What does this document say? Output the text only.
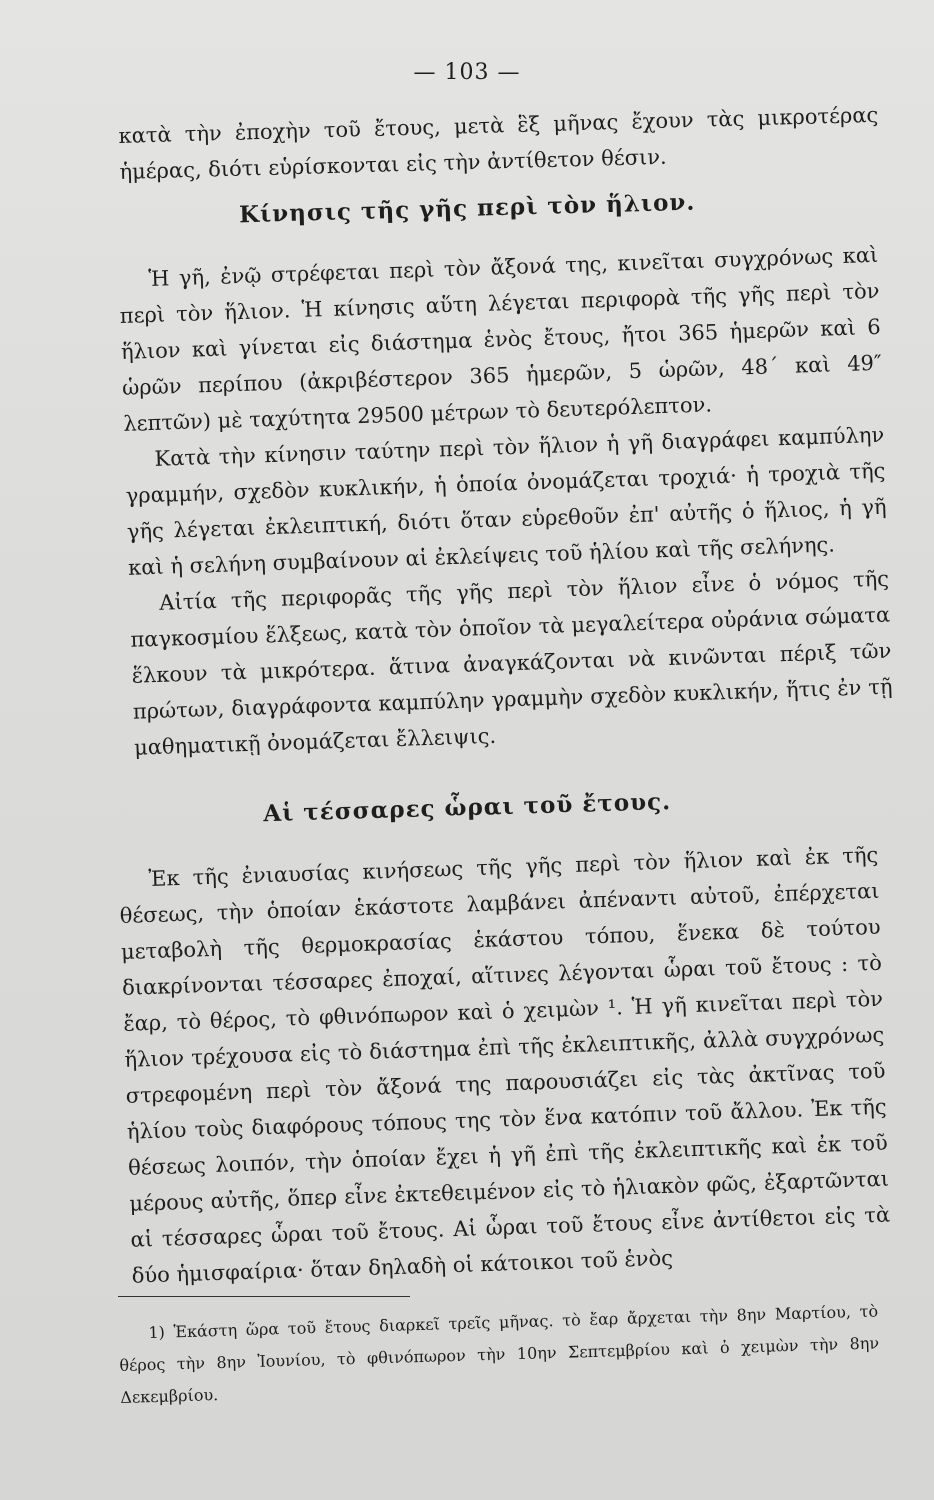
— 103 —

κατὰ τὴν ἐποχὴν τοῦ ἔτους, μετὰ ἓξ μῆνας ἔχουν τὰς μικροτέρας ἡμέρας, διότι εὑρίσκονται εἰς τὴν ἀντίθετον θέσιν.

Κίνησις τῆς γῆς περὶ τὸν ἥλιον.

Ἡ γῆ, ἐνῷ στρέφεται περὶ τὸν ἄξονά της, κινεῖται συγχρόνως καὶ περὶ τὸν ἥλιον. Ἡ κίνησις αὕτη λέγεται περιφορὰ τῆς γῆς περὶ τὸν ἥλιον καὶ γίνεται εἰς διάστημα ἑνὸς ἔτους, ἤτοι 365 ἡμερῶν καὶ 6 ὡρῶν περίπου (ἀκριβέστερον 365 ἡμερῶν, 5 ὡρῶν, 48΄ καὶ 49″ λεπτῶν) μὲ ταχύτητα 29500 μέτρων τὸ δευτερόλεπτον.

Κατὰ τὴν κίνησιν ταύτην περὶ τὸν ἥλιον ἡ γῆ διαγράφει καμπύλην γραμμήν, σχεδὸν κυκλικήν, ἡ ὁποία ὀνομάζεται τροχιά· ἡ τροχιὰ τῆς γῆς λέγεται ἐκλειπτική, διότι ὅταν εὑρεθοῦν ἐπ' αὐτῆς ὁ ἥλιος, ἡ γῆ καὶ ἡ σελήνη συμβαίνουν αἱ ἐκλείψεις τοῦ ἡλίου καὶ τῆς σελήνης.

Αἰτία τῆς περιφορᾶς τῆς γῆς περὶ τὸν ἥλιον εἶνε ὁ νόμος τῆς παγκοσμίου ἕλξεως, κατὰ τὸν ὁποῖον τὰ μεγαλείτερα οὐράνια σώματα ἕλκουν τὰ μικρότερα. ἅτινα ἀναγκάζονται νὰ κινῶνται πέριξ τῶν πρώτων, διαγράφοντα καμπύλην γραμμὴν σχεδὸν κυκλικήν, ἥτις ἐν τῇ μαθηματικῇ ὀνομάζεται ἔλλειψις.

Αἱ τέσσαρες ὧραι τοῦ ἔτους.

Ἐκ τῆς ἐνιαυσίας κινήσεως τῆς γῆς περὶ τὸν ἥλιον καὶ ἐκ τῆς θέσεως, τὴν ὁποίαν ἑκάστοτε λαμβάνει ἀπέναντι αὐτοῦ, ἐπέρχεται μεταβολὴ τῆς θερμοκρασίας ἑκάστου τόπου, ἕνεκα δὲ τούτου διακρίνονται τέσσαρες ἐποχαί, αἵτινες λέγονται ὧραι τοῦ ἔτους : τὸ ἔαρ, τὸ θέρος, τὸ φθινόπωρον καὶ ὁ χειμὼν ¹. Ἡ γῆ κινεῖται περὶ τὸν ἥλιον τρέχουσα εἰς τὸ διάστημα ἐπὶ τῆς ἐκλειπτικῆς, ἀλλὰ συγχρόνως στρεφομένη περὶ τὸν ἄξονά της παρουσιάζει εἰς τὰς ἀκτῖνας τοῦ ἡλίου τοὺς διαφόρους τόπους της τὸν ἕνα κατόπιν τοῦ ἄλλου. Ἐκ τῆς θέσεως λοιπόν, τὴν ὁποίαν ἔχει ἡ γῆ ἐπὶ τῆς ἐκλειπτικῆς καὶ ἐκ τοῦ μέρους αὐτῆς, ὅπερ εἶνε ἐκτεθειμένον εἰς τὸ ἡλιακὸν φῶς, ἐξαρτῶνται αἱ τέσσαρες ὧραι τοῦ ἔτους. Αἱ ὧραι τοῦ ἔτους εἶνε ἀντίθετοι εἰς τὰ δύο ἡμισφαίρια· ὅταν δηλαδὴ οἱ κάτοικοι τοῦ ἑνὸς

1) Ἑκάστη ὥρα τοῦ ἔτους διαρκεῖ τρεῖς μῆνας. τὸ ἔαρ ἄρχεται τὴν 8ην Μαρτίου, τὸ θέρος τὴν 8ην Ἰουνίου, τὸ φθινόπωρον τὴν 10ην Σεπτεμβρίου καὶ ὁ χειμὼν τὴν 8ην Δεκεμβρίου.
